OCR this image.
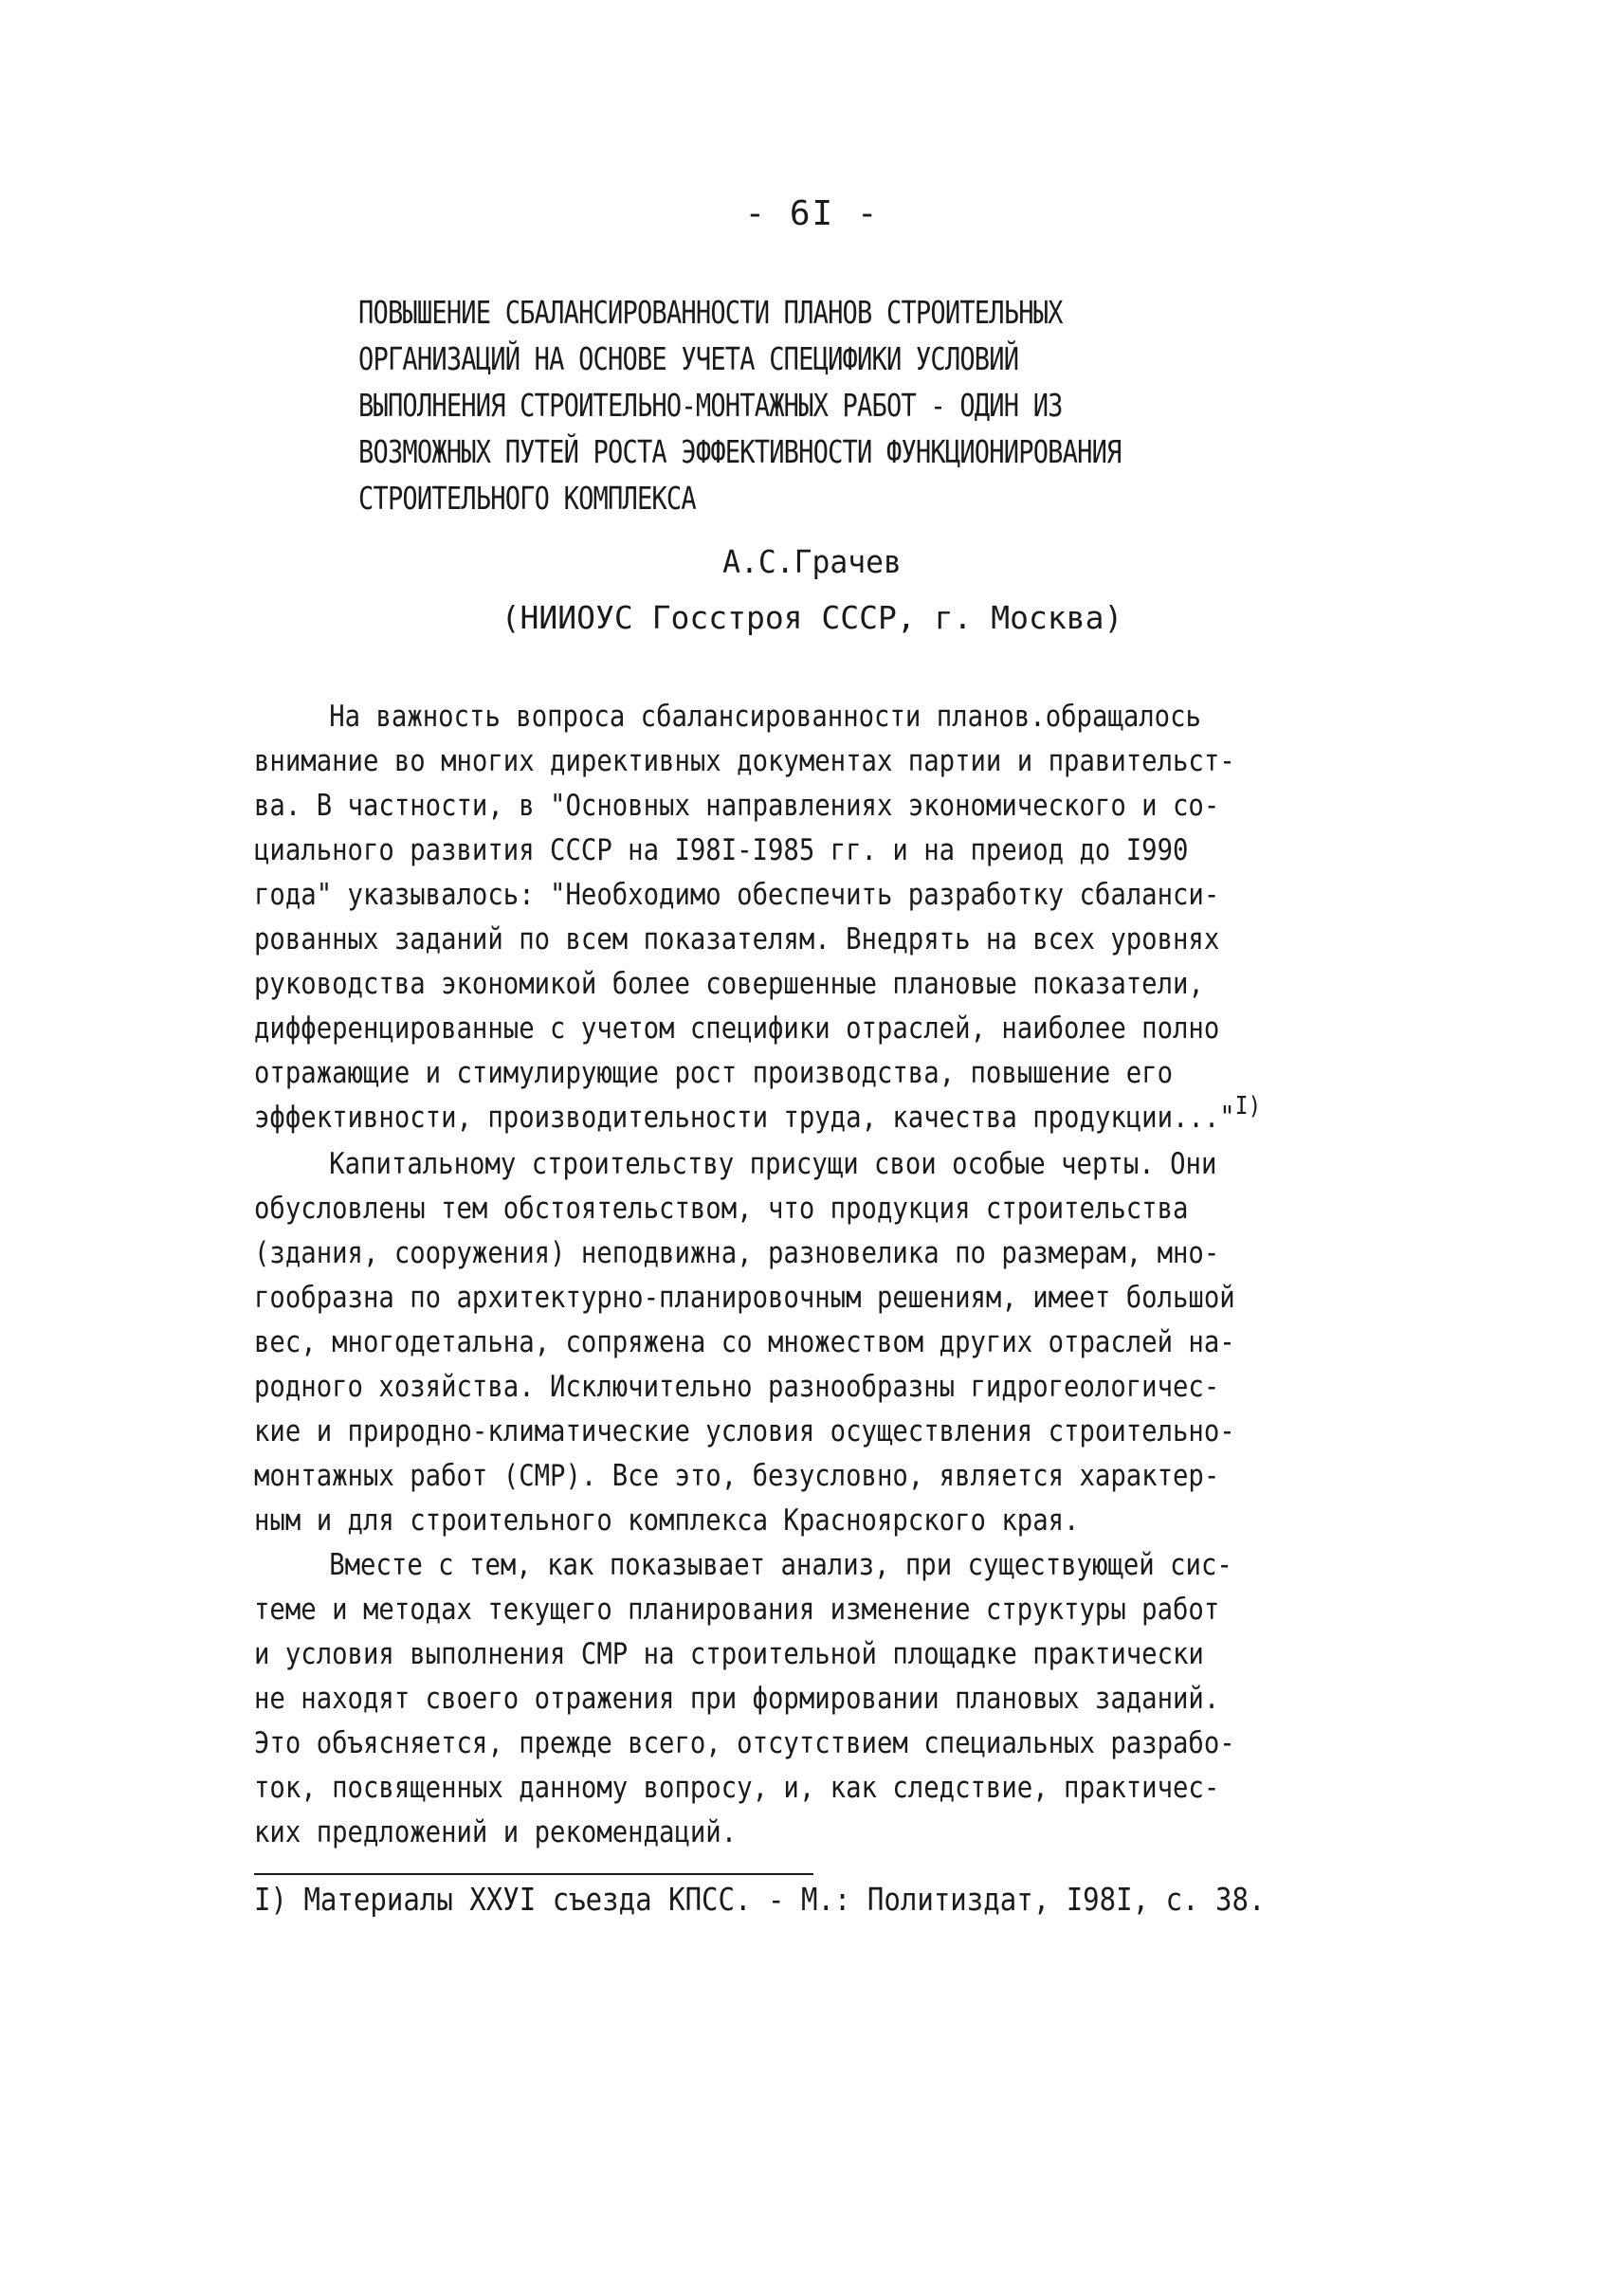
- 6I -
ПОВЫШЕНИЕ СБАЛАНСИРОВАННОСТИ ПЛАНОВ СТРОИТЕЛЬНЫХ
ОРГАНИЗАЦИЙ НА ОСНОВЕ УЧЕТА СПЕЦИФИКИ УСЛОВИЙ
ВЫПОЛНЕНИЯ СТРОИТЕЛЬНО-МОНТАЖНЫХ РАБОТ - ОДИН ИЗ
ВОЗМОЖНЫХ ПУТЕЙ РОСТА ЭФФЕКТИВНОСТИ ФУНКЦИОНИРОВАНИЯ
СТРОИТЕЛЬНОГО КОМПЛЕКСА
А.С.Грачев
(НИИОУС Госстроя СССР, г. Москва)
На важность вопроса сбалансированности планов.обращалось
внимание во многих директивных документах партии и правительст-
ва. В частности, в "Основных направлениях экономического и со-
циального развития СССР на I98I-I985 гг. и на преиод до I990
года" указывалось: "Необходимо обеспечить разработку сбаланси-
рованных заданий по всем показателям. Внедрять на всех уровнях
руководства экономикой более совершенные плановые показатели,
дифференцированные с учетом специфики отраслей, наиболее полно
отражающие и стимулирующие рост производства, повышение его
эффективности, производительности труда, качества продукции..."$^{I)}$
Капитальному строительству присущи свои особые черты. Они
обусловлены тем обстоятельством, что продукция строительства
(здания, сооружения) неподвижна, разновелика по размерам, мно-
гообразна по архитектурно-планировочным решениям, имеет большой
вес, многодетальна, сопряжена со множеством других отраслей на-
родного хозяйства. Исключительно разнообразны гидрогеологичес-
кие и природно-климатические условия осуществления строительно-
монтажных работ (СМР). Все это, безусловно, является характер-
ным и для строительного комплекса Красноярского края.
Вместе с тем, как показывает анализ, при существующей сис-
теме и методах текущего планирования изменение структуры работ
и условия выполнения СМР на строительной площадке практически
не находят своего отражения при формировании плановых заданий.
Это объясняется, прежде всего, отсутствием специальных разрабо-
ток, посвященных данному вопросу, и, как следствие, практичес-
ких предложений и рекомендаций.
I) Материалы XXУI съезда КПСС. - М.: Политиздат, I98I, с. 38.
